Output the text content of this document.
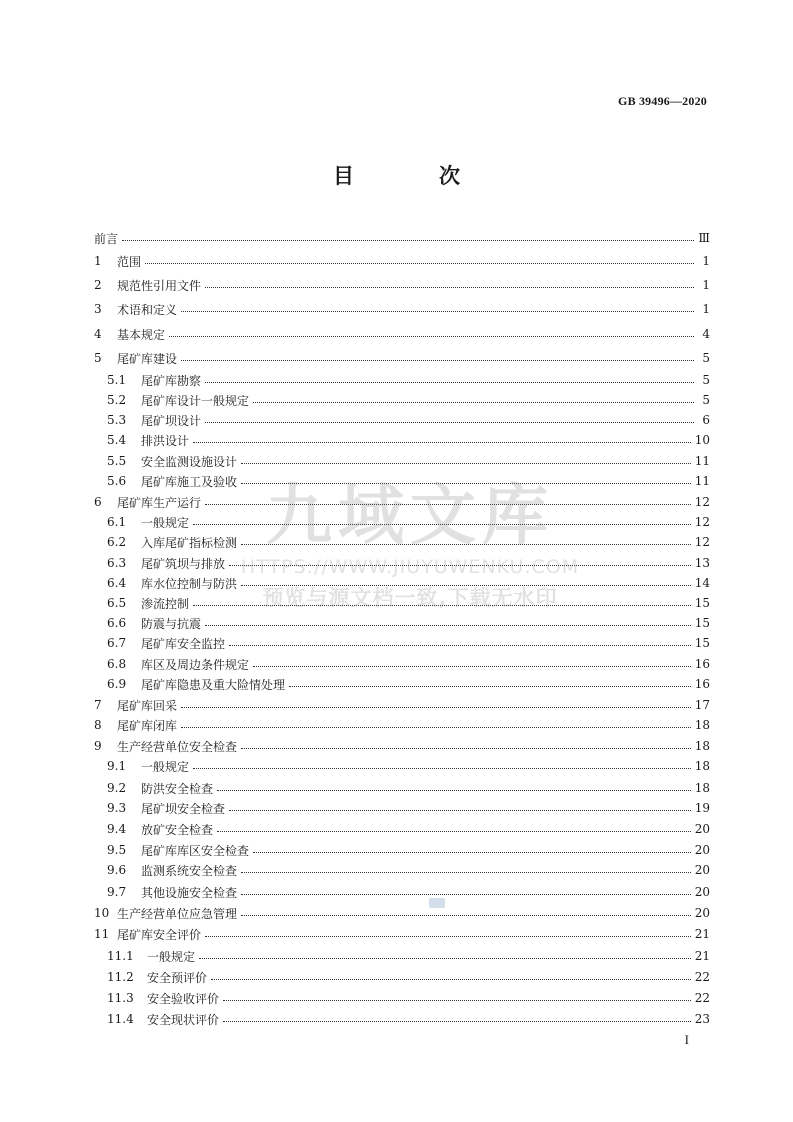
GB 39496—2020
目　次
前言	Ⅲ
1	范围	1
2	规范性引用文件	1
3	术语和定义	1
4	基本规定	4
5	尾矿库建设	5
5.1	尾矿库勘察	5
5.2	尾矿库设计一般规定	5
5.3	尾矿坝设计	6
5.4	排洪设计	10
5.5	安全监测设施设计	11
5.6	尾矿库施工及验收	11
6	尾矿库生产运行	12
6.1	一般规定	12
6.2	入库尾矿指标检测	12
6.3	尾矿筑坝与排放	13
6.4	库水位控制与防洪	14
6.5	渗流控制	15
6.6	防震与抗震	15
6.7	尾矿库安全监控	15
6.8	库区及周边条件规定	16
6.9	尾矿库隐患及重大险情处理	16
7	尾矿库回采	17
8	尾矿库闭库	18
9	生产经营单位安全检查	18
9.1	一般规定	18
9.2	防洪安全检查	18
9.3	尾矿坝安全检查	19
9.4	放矿安全检查	20
9.5	尾矿库库区安全检查	20
9.6	监测系统安全检查	20
9.7	其他设施安全检查	20
10 生产经营单位应急管理	20
11 尾矿库安全评价	21
11.1	一般规定	21
11.2	安全预评价	22
11.3	安全验收评价	22
11.4	安全现状评价	23
九域文库
HTTPS://WWW.JIUYUWENKU.COM
预览与源文档一致,下载无水印
I
